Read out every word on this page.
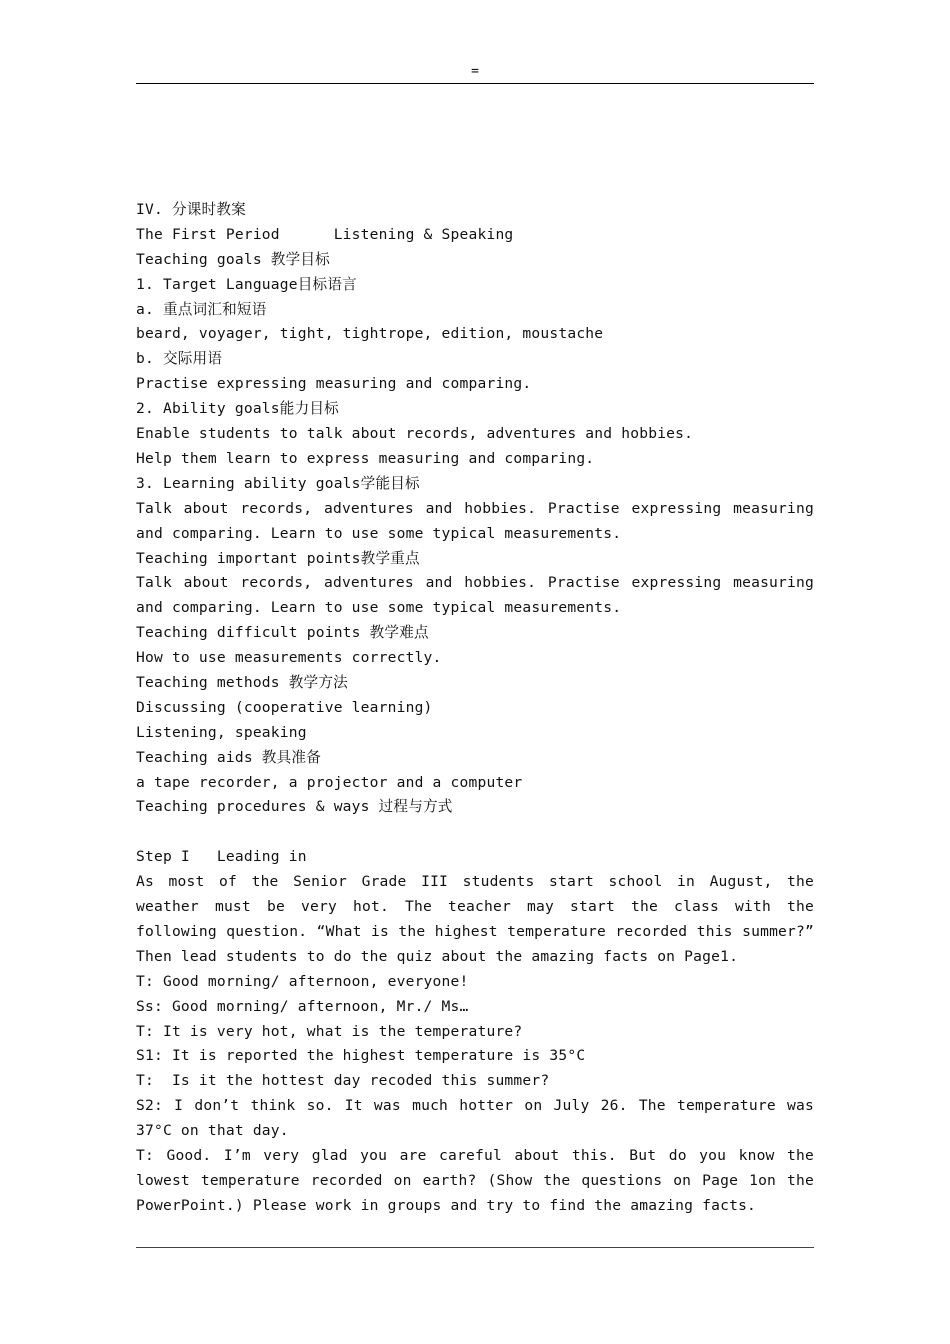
=
IV. 分课时教案
The First Period      Listening & Speaking
Teaching goals 教学目标
1. Target Language目标语言
a. 重点词汇和短语
beard, voyager, tight, tightrope, edition, moustache
b. 交际用语
Practise expressing measuring and comparing.
2. Ability goals能力目标
Enable students to talk about records, adventures and hobbies.
Help them learn to express measuring and comparing.
3. Learning ability goals学能目标
Talk about records, adventures and hobbies. Practise expressing measuring and comparing. Learn to use some typical measurements.
Teaching important points教学重点
Talk about records, adventures and hobbies. Practise expressing measuring and comparing. Learn to use some typical measurements.
Teaching difficult points 教学难点
How to use measurements correctly.
Teaching methods 教学方法
Discussing (cooperative learning)
Listening, speaking
Teaching aids 教具准备
a tape recorder, a projector and a computer
Teaching procedures & ways 过程与方式
Step I   Leading in
As most of the Senior Grade III students start school in August, the weather must be very hot. The teacher may start the class with the following question. “What is the highest temperature recorded this summer?” Then lead students to do the quiz about the amazing facts on Page1.
T: Good morning/ afternoon, everyone!
Ss: Good morning/ afternoon, Mr./ Ms…
T: It is very hot, what is the temperature?
S1: It is reported the highest temperature is 35°C
T:  Is it the hottest day recoded this summer?
S2: I don’t think so. It was much hotter on July 26. The temperature was 37°C on that day.
T: Good. I’m very glad you are careful about this. But do you know the lowest temperature recorded on earth? (Show the questions on Page 1on the PowerPoint.) Please work in groups and try to find the amazing facts.
